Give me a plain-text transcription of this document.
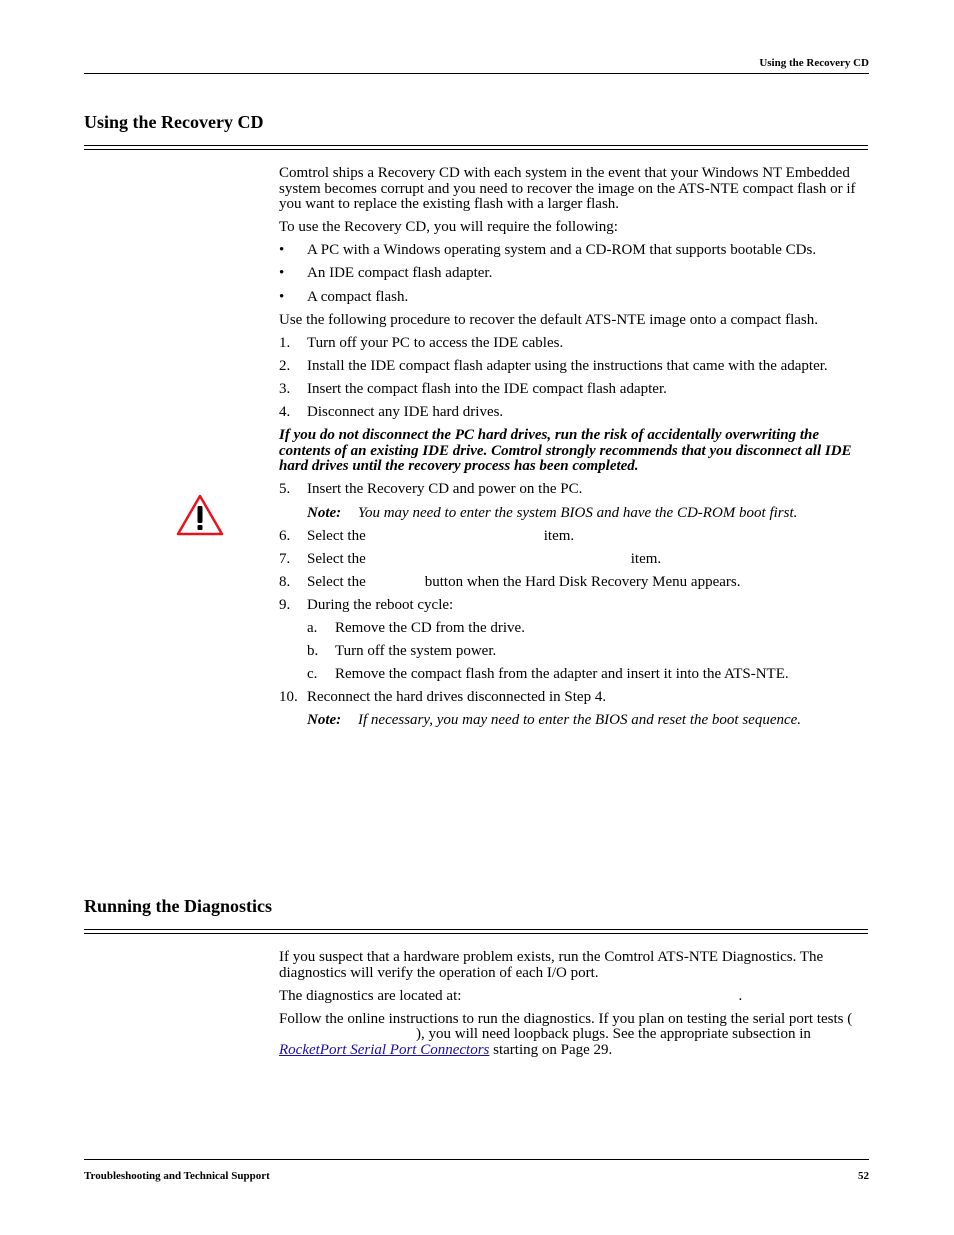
Using the Recovery CD
Using the Recovery CD

Comtrol ships a Recovery CD with each system in the event that your Windows NT Embedded system becomes corrupt and you need to recover the image on the ATS-NTE compact flash or if you want to replace the existing flash with a larger flash.

To use the Recovery CD, you will require the following:

•	A PC with a Windows operating system and a CD-ROM that supports bootable CDs.
•	An IDE compact flash adapter.
•	A compact flash.

Use the following procedure to recover the default ATS-NTE image onto a compact flash.

1.	Turn off your PC to access the IDE cables.
2.	Install the IDE compact flash adapter using the instructions that came with the adapter.
3.	Insert the compact flash into the IDE compact flash adapter.
4.	Disconnect any IDE hard drives.

If you do not disconnect the PC hard drives, run the risk of accidentally overwriting the contents of an existing IDE drive. Comtrol strongly recommends that you disconnect all IDE hard drives until the recovery process has been completed.

5.	Insert the Recovery CD and power on the PC.
Note:	You may need to enter the system BIOS and have the CD-ROM boot first.
6.	Select the	item.
7.	Select the	item.
8.	Select the	button when the Hard Disk Recovery Menu appears.
9.	During the reboot cycle:
a.	Remove the CD from the drive.
b.	Turn off the system power.
c.	Remove the compact flash from the adapter and insert it into the ATS-NTE.
10. Reconnect the hard drives disconnected in Step 4.
Note:	If necessary, you may need to enter the BIOS and reset the boot sequence.
Running the Diagnostics

If you suspect that a hardware problem exists, run the Comtrol ATS-NTE Diagnostics. The diagnostics will verify the operation of each I/O port.

The diagnostics are located at:	.

Follow the online instructions to run the diagnostics. If you plan on testing the serial port tests (), you will need loopback plugs. See the appropriate subsection in RocketPort Serial Port Connectors starting on Page 29.

Troubleshooting and Technical Support	52
